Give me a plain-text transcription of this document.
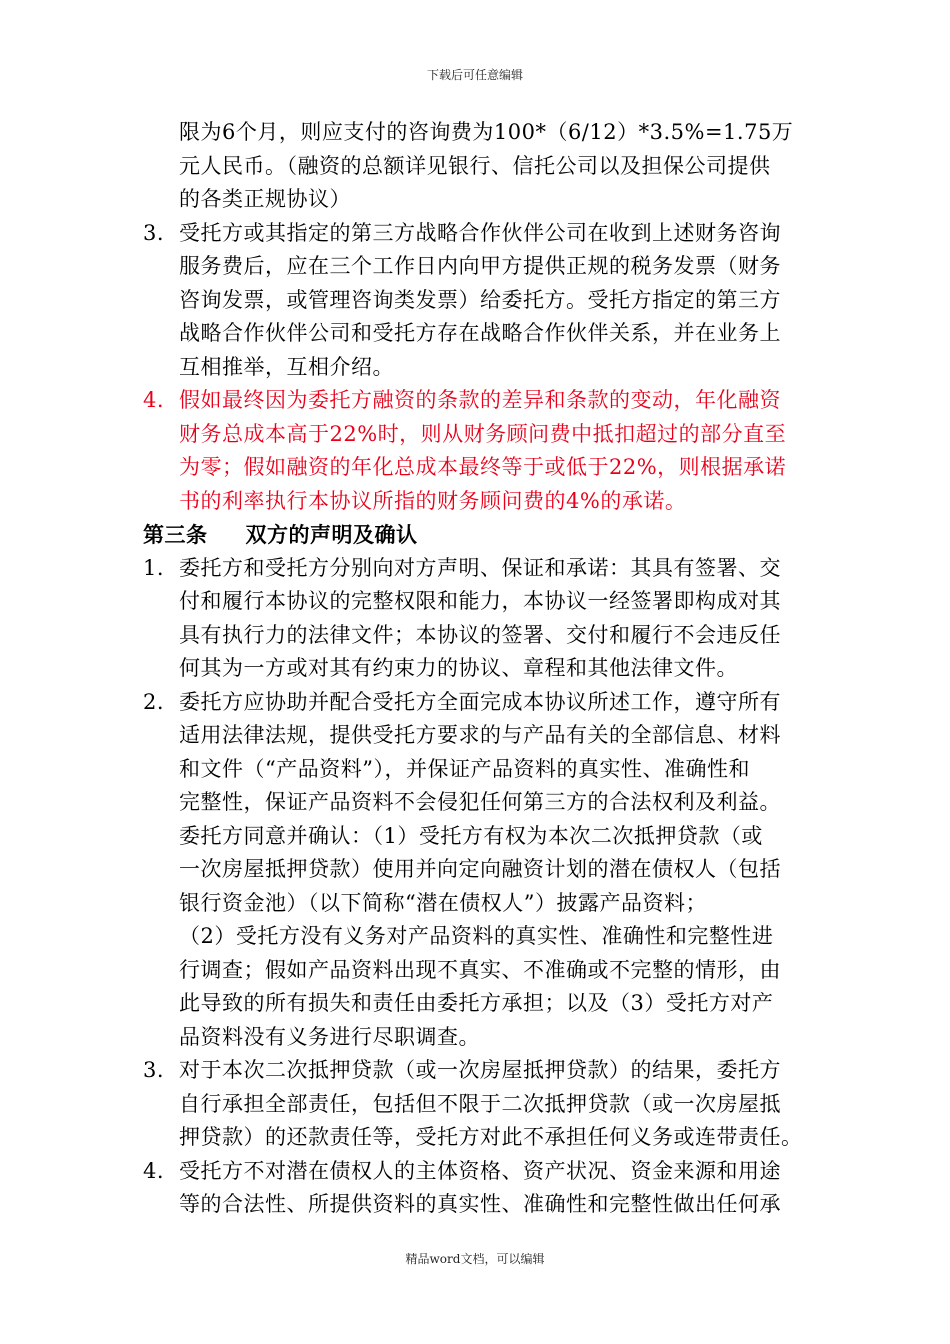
下载后可任意编辑
限为6个月，则应支付的咨询费为100*（6/12）*3.5%=1.75万
元人民币。（融资的总额详见银行、信托公司以及担保公司提供
的各类正规协议）
3. 受托方或其指定的第三方战略合作伙伴公司在收到上述财务咨询
服务费后，应在三个工作日内向甲方提供正规的税务发票（财务
咨询发票，或管理咨询类发票）给委托方。受托方指定的第三方
战略合作伙伴公司和受托方存在战略合作伙伴关系，并在业务上
互相推举，互相介绍。
4. 假如最终因为委托方融资的条款的差异和条款的变动，年化融资
财务总成本高于22%时，则从财务顾问费中抵扣超过的部分直至
为零；假如融资的年化总成本最终等于或低于22%，则根据承诺
书的利率执行本协议所指的财务顾问费的4%的承诺。
第三条 双方的声明及确认
1. 委托方和受托方分别向对方声明、保证和承诺：其具有签署、交
付和履行本协议的完整权限和能力，本协议一经签署即构成对其
具有执行力的法律文件；本协议的签署、交付和履行不会违反任
何其为一方或对其有约束力的协议、章程和其他法律文件。
2. 委托方应协助并配合受托方全面完成本协议所述工作，遵守所有
适用法律法规，提供受托方要求的与产品有关的全部信息、材料
和文件（“产品资料”），并保证产品资料的真实性、准确性和
完整性，保证产品资料不会侵犯任何第三方的合法权利及利益。
委托方同意并确认：（1）受托方有权为本次二次抵押贷款（或
一次房屋抵押贷款）使用并向定向融资计划的潜在债权人（包括
银行资金池）（以下简称“潜在债权人”）披露产品资料；
（2）受托方没有义务对产品资料的真实性、准确性和完整性进
行调查；假如产品资料出现不真实、不准确或不完整的情形，由
此导致的所有损失和责任由委托方承担；以及（3）受托方对产
品资料没有义务进行尽职调查。
3. 对于本次二次抵押贷款（或一次房屋抵押贷款）的结果，委托方
自行承担全部责任，包括但不限于二次抵押贷款（或一次房屋抵
押贷款）的还款责任等，受托方对此不承担任何义务或连带责任。
4. 受托方不对潜在债权人的主体资格、资产状况、资金来源和用途
等的合法性、所提供资料的真实性、准确性和完整性做出任何承
精品word文档，可以编辑
